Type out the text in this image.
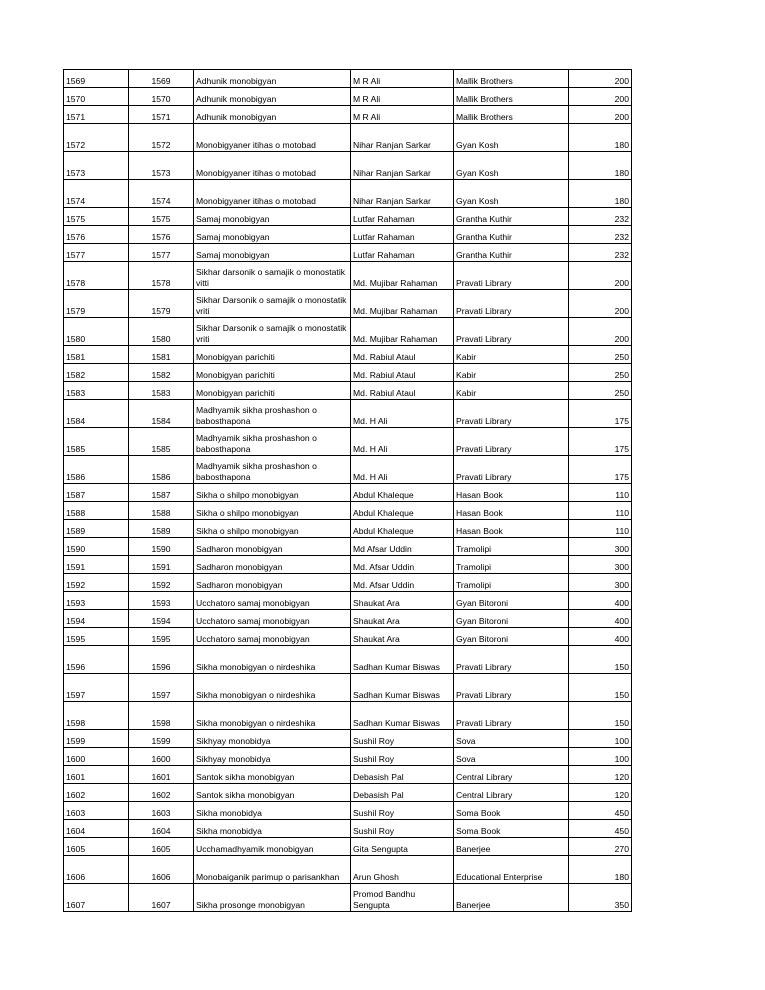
1569	1569	Adhunik monobigyan	M R Ali	Mallik Brothers	200
1570	1570	Adhunik monobigyan	M R Ali	Mallik Brothers	200
1571	1571	Adhunik monobigyan	M R Ali	Mallik Brothers	200
1572	1572	Monobigyaner itihas o motobad	Nihar Ranjan Sarkar	Gyan Kosh	180
1573	1573	Monobigyaner itihas o motobad	Nihar Ranjan Sarkar	Gyan Kosh	180
1574	1574	Monobigyaner itihas o motobad	Nihar Ranjan Sarkar	Gyan Kosh	180
1575	1575	Samaj monobigyan	Lutfar Rahaman	Grantha Kuthir	232
1576	1576	Samaj monobigyan	Lutfar Rahaman	Grantha Kuthir	232
1577	1577	Samaj monobigyan	Lutfar Rahaman	Grantha Kuthir	232
1578	1578	Sikhar darsonik o samajik o monostatik vitti	Md. Mujibar Rahaman	Pravati Library	200
1579	1579	Sikhar Darsonik o samajik o monostatik vriti	Md. Mujibar Rahaman	Pravati Library	200
1580	1580	Sikhar Darsonik o samajik o monostatik vriti	Md. Mujibar Rahaman	Pravati Library	200
1581	1581	Monobigyan parichiti	Md. Rabiul Ataul	Kabir	250
1582	1582	Monobigyan parichiti	Md. Rabiul Ataul	Kabir	250
1583	1583	Monobigyan parichiti	Md. Rabiul Ataul	Kabir	250
1584	1584	Madhyamik sikha proshashon o babosthapona	Md. H Ali	Pravati Library	175
1585	1585	Madhyamik sikha proshashon o babosthapona	Md. H Ali	Pravati Library	175
1586	1586	Madhyamik sikha proshashon o babosthapona	Md. H Ali	Pravati Library	175
1587	1587	Sikha o shilpo monobigyan	Abdul Khaleque	Hasan Book	110
1588	1588	Sikha o shilpo monobigyan	Abdul Khaleque	Hasan Book	110
1589	1589	Sikha o shilpo monobigyan	Abdul Khaleque	Hasan Book	110
1590	1590	Sadharon monobigyan	Md Afsar Uddin	Tramolipi	300
1591	1591	Sadharon monobigyan	Md. Afsar Uddin	Tramolipi	300
1592	1592	Sadharon monobigyan	Md. Afsar Uddin	Tramolipi	300
1593	1593	Ucchatoro samaj monobigyan	Shaukat Ara	Gyan Bitoroni	400
1594	1594	Ucchatoro samaj monobigyan	Shaukat Ara	Gyan Bitoroni	400
1595	1595	Ucchatoro samaj monobigyan	Shaukat Ara	Gyan Bitoroni	400
1596	1596	Sikha monobigyan o nirdeshika	Sadhan Kumar Biswas	Pravati Library	150
1597	1597	Sikha monobigyan o nirdeshika	Sadhan Kumar Biswas	Pravati Library	150
1598	1598	Sikha monobigyan o nirdeshika	Sadhan Kumar Biswas	Pravati Library	150
1599	1599	Sikhyay monobidya	Sushil Roy	Sova	100
1600	1600	Sikhyay monobidya	Sushil Roy	Sova	100
1601	1601	Santok sikha monobigyan	Debasish Pal	Central Library	120
1602	1602	Santok sikha monobigyan	Debasish Pal	Central Library	120
1603	1603	Sikha monobidya	Sushil Roy	Soma Book	450
1604	1604	Sikha monobidya	Sushil Roy	Soma Book	450
1605	1605	Ucchamadhyamik monobigyan	Gita Sengupta	Banerjee	270
1606	1606	Monobaiganik parimup o parisankhan	Arun Ghosh	Educational Enterprise	180
1607	1607	Sikha prosonge monobigyan	Promod Bandhu Sengupta	Banerjee	350
